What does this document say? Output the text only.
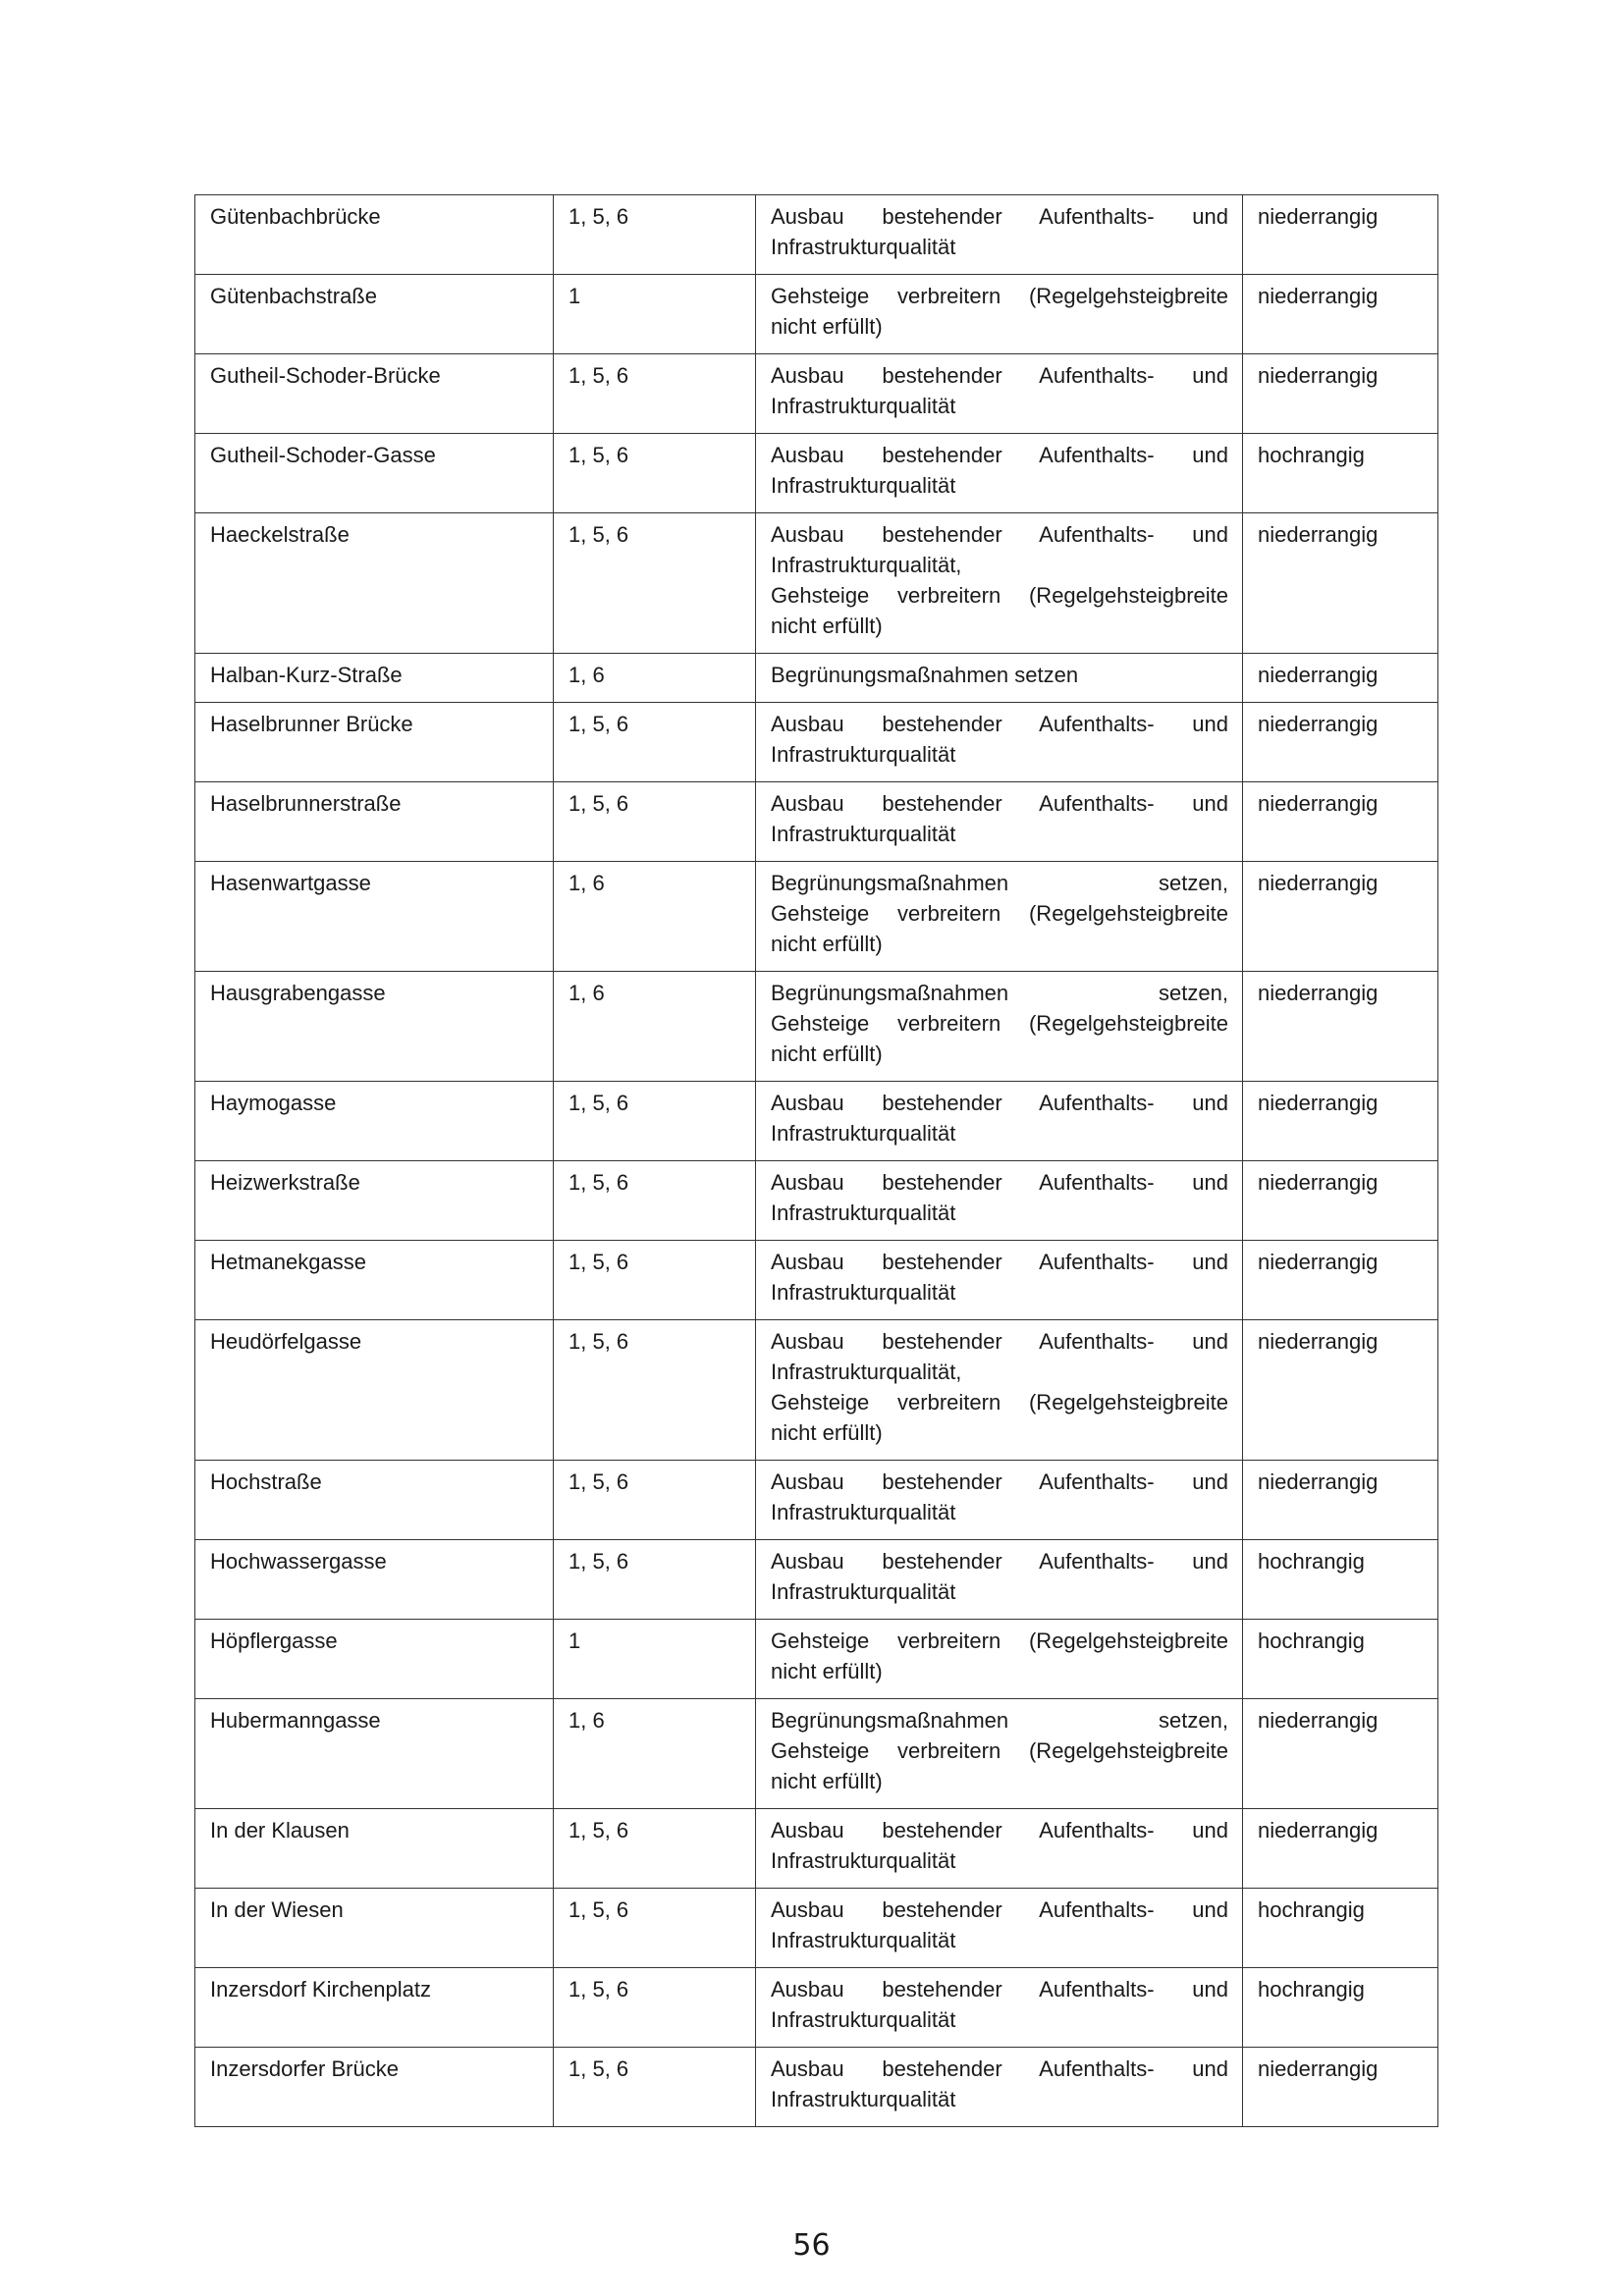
Gütenbachbrücke	1, 5, 6	Ausbau bestehender Aufenthalts- und
Infrastrukturqualität	niederrangig
Gütenbachstraße	1	Gehsteige verbreitern (Regelgehsteigbreite
nicht erfüllt)	niederrangig
Gutheil-Schoder-Brücke	1, 5, 6	Ausbau bestehender Aufenthalts- und
Infrastrukturqualität	niederrangig
Gutheil-Schoder-Gasse	1, 5, 6	Ausbau bestehender Aufenthalts- und
Infrastrukturqualität	hochrangig
Haeckelstraße	1, 5, 6	Ausbau bestehender Aufenthalts- und
Infrastrukturqualität,
Gehsteige verbreitern (Regelgehsteigbreite
nicht erfüllt)	niederrangig
Halban-Kurz-Straße	1, 6	Begrünungsmaßnahmen setzen	niederrangig
Haselbrunner Brücke	1, 5, 6	Ausbau bestehender Aufenthalts- und
Infrastrukturqualität	niederrangig
Haselbrunnerstraße	1, 5, 6	Ausbau bestehender Aufenthalts- und
Infrastrukturqualität	niederrangig
Hasenwartgasse	1, 6	Begrünungsmaßnahmen setzen,
Gehsteige verbreitern (Regelgehsteigbreite
nicht erfüllt)	niederrangig
Hausgrabengasse	1, 6	Begrünungsmaßnahmen setzen,
Gehsteige verbreitern (Regelgehsteigbreite
nicht erfüllt)	niederrangig
Haymogasse	1, 5, 6	Ausbau bestehender Aufenthalts- und
Infrastrukturqualität	niederrangig
Heizwerkstraße	1, 5, 6	Ausbau bestehender Aufenthalts- und
Infrastrukturqualität	niederrangig
Hetmanekgasse	1, 5, 6	Ausbau bestehender Aufenthalts- und
Infrastrukturqualität	niederrangig
Heudörfelgasse	1, 5, 6	Ausbau bestehender Aufenthalts- und
Infrastrukturqualität,
Gehsteige verbreitern (Regelgehsteigbreite
nicht erfüllt)	niederrangig
Hochstraße	1, 5, 6	Ausbau bestehender Aufenthalts- und
Infrastrukturqualität	niederrangig
Hochwassergasse	1, 5, 6	Ausbau bestehender Aufenthalts- und
Infrastrukturqualität	hochrangig
Höpflergasse	1	Gehsteige verbreitern (Regelgehsteigbreite
nicht erfüllt)	hochrangig
Hubermanngasse	1, 6	Begrünungsmaßnahmen setzen,
Gehsteige verbreitern (Regelgehsteigbreite
nicht erfüllt)	niederrangig
In der Klausen	1, 5, 6	Ausbau bestehender Aufenthalts- und
Infrastrukturqualität	niederrangig
In der Wiesen	1, 5, 6	Ausbau bestehender Aufenthalts- und
Infrastrukturqualität	hochrangig
Inzersdorf Kirchenplatz	1, 5, 6	Ausbau bestehender Aufenthalts- und
Infrastrukturqualität	hochrangig
Inzersdorfer Brücke	1, 5, 6	Ausbau bestehender Aufenthalts- und
Infrastrukturqualität	niederrangig
56
